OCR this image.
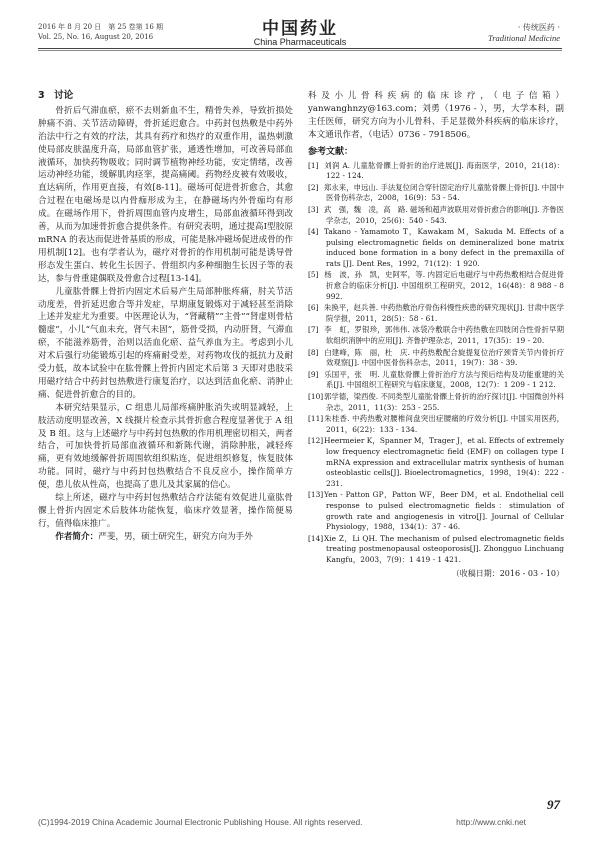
2016 年 8 月 20 日　第 25 卷第 16 期
Vol. 25, No. 16, August 20, 2016	中国药业
China Pharmaceuticals
· 传统医药 ·
Traditional Medicine
3　讨论

骨折后气滞血瘀，瘀不去则新血不生，精骨失养，导致折损处肿痛不消、关节活动障碍，骨折延迟愈合。中药封包热敷是中药外治法中行之有效的疗法，其具有药疗和热疗的双重作用，温热刺激使局部皮肤温度升高，局部血管扩张，通透性增加，可改善局部血液循环，加快药物吸收；同时调节植物神经功能，安定情绪，改善运动神经功能，缓解肌肉痉挛，提高痛阈。药物经皮被有效吸收，直达病所，作用更直接，有效[8-11]。磁场可促进骨折愈合，其愈合过程在电磁场是以内骨痂形成为主，在静磁场内外骨痂均有形成。在磁场作用下，骨折周围血管内皮增生，局部血液循环得到改善，从而为加速骨折愈合提供条件。有研究表明，通过提高Ⅰ型胶原 mRNA 的表达而促进骨基质的形成，可能是脉冲磁场促进成骨的作用机制[12]。也有学者认为，磁疗对骨折的作用机制可能是诱导骨形态发生蛋白、转化生长因子、骨组织内多种细胞生长因子等的表达，参与骨重建偶联及骨愈合过程[13-14]。

儿童肱骨髁上骨折内固定术后易产生局部肿胀疼痛，肘关节活动度差，骨折延迟愈合等并发症，早期康复锻炼对于减轻甚至消除上述并发症尤为重要。中医理论认为，“肾藏精”“主骨”“肾虚则骨枯髓虚”，小儿“气血未充，肾气未固”，筋骨受损，内动肝肾，气滞血瘀，不能滋养筋骨，治则以活血化瘀、益气养血为主。考虑到小儿对术后强行功能锻炼引起的疼痛耐受差，对药物攻伐的抵抗力及耐受力低，故本试验中在肱骨髁上骨折内固定术后第 3 天即对患肢采用磁疗结合中药封包热敷进行康复治疗，以达到活血化瘀、消肿止痛、促进骨折愈合的目的。

本研究结果显示，C 组患儿局部疼痛肿胀消失或明显减轻，上肢活动度明显改善，X 线摄片检查示其骨折愈合程度显著优于 A 组及 B 组。这与上述磁疗与中药封包热敷的作用机理密切相关，两者结合，可加快骨折局部血液循环和新陈代谢，消除肿胀，减轻疼痛，更有效地缓解骨折周围软组织粘连，促进组织修复，恢复肢体功能。同时，磁疗与中药封包热敷结合不良反应小，操作简单方便，患儿依从性高，也提高了患儿及其家属的信心。

综上所述，磁疗与中药封包热敷结合疗法能有效促进儿童肱骨髁上骨折内固定术后肢体功能恢复，临床疗效显著，操作简便易行，值得临床推广。

作者简介：严斐，男，硕士研究生，研究方向为手外

科及小儿骨科疾病的临床诊疗，（电子信箱）yanwanghnzy@163.com；刘勇（1976 - ），男，大学本科，副主任医师，研究方向为小儿骨科、手足显微外科疾病的临床诊疗，本文通讯作者，（电话）0736 - 7918506。

参考文献：

[1] 刘润 A. 儿童肱骨髁上骨折的治疗进展[J]. 海南医学，2010，21(18)：122 - 124.

[2] 郑永来，申远山. 手法复位闭合穿针固定治疗儿童肱骨髁上骨折[J]. 中国中医骨伤科杂志，2008，16(9)：53 - 54.

[3] 武　强，魏　凌，高　路. 磁场和超声波联用对骨折愈合的影响[J]. 齐鲁医学杂志，2010，25(6)：540 - 543.

[4] Takano - Yamamoto T，Kawakam M，Sakuda M. Effects of a pulsing electromagnetic fields on demineralized bone matrix induced bone formation in a bony defect in the premaxilla of rats [J]. Dent Res，1992，71(12)：1 920.

[5] 杨　波，孙　凯，史阿军，等. 内固定后电磁疗与中药热敷相结合促进骨折愈合的临床分析[J]. 中国组织工程研究，2012，16(48)：8 988 - 8 992.

[6] 朱换平，赵兵善. 中药热敷治疗骨伤科慢性疾患的研究现状[J]. 甘肃中医学院学报，2011，28(5)：58 - 61.

[7] 李　虹，罗银珍，郭伟伟. 冰袋冷敷联合中药热敷在四肢闭合性骨折早期软组织消肿中的应用[J]. 齐鲁护理杂志，2011，17(35)：19 - 20.

[8] 白建峰，陈　丽，杜　庆. 中药热敷配合旋提复位治疗颈背关节内骨折疗效观察[J]. 中国中医骨伤科杂志，2011，19(7)：38 - 39.

[9] 乐国平，张　明. 儿童肱骨髁上骨折治疗方法与预后结构及功能重建的关系[J]. 中国组织工程研究与临床康复，2008，12(7)：1 209 - 1 212.

[10]郭学德，梁西俊. 不同类型儿童肱骨髁上骨折的治疗探讨[J]. 中国微创外科杂志，2011，11(3)：253 - 255.

[11]朱桂香. 中药热敷对腰椎间盘突出症腰痛的疗效分析[J]. 中国实用医药，2011，6(22)：133 - 134.

[12]Heermeier K，Spanner M，Trager J，et al. Effects of extremely low frequency electromagnetic field (EMF) on collagen type Ⅰ mRNA expression and extracellular matrix synthesis of human osteoblastic cells[J]. Bioelectromagnetics，1998，19(4)：222 - 231.

[13]Yen - Patton GP，Patton WF，Beer DM，et al. Endothelial cell response to pulsed electromagnetic fields：stimulation of growth rate and angiogenesis in vitro[J]. Journal of Cellular Physiology，1988，134(1)：37 - 46.

[14]Xie Z，Li QH. The mechanism of pulsed electromagnetic fields treating postmenopausal osteoporosis[J]. Zhongguo Linchuang Kangfu，2003，7(9)：1 419 - 1 421.

（收稿日期：2016 - 03 - 10）
97
(C)1994-2019 China Academic Journal Electronic Publishing House. All rights reserved.	http://www.cnki.net
